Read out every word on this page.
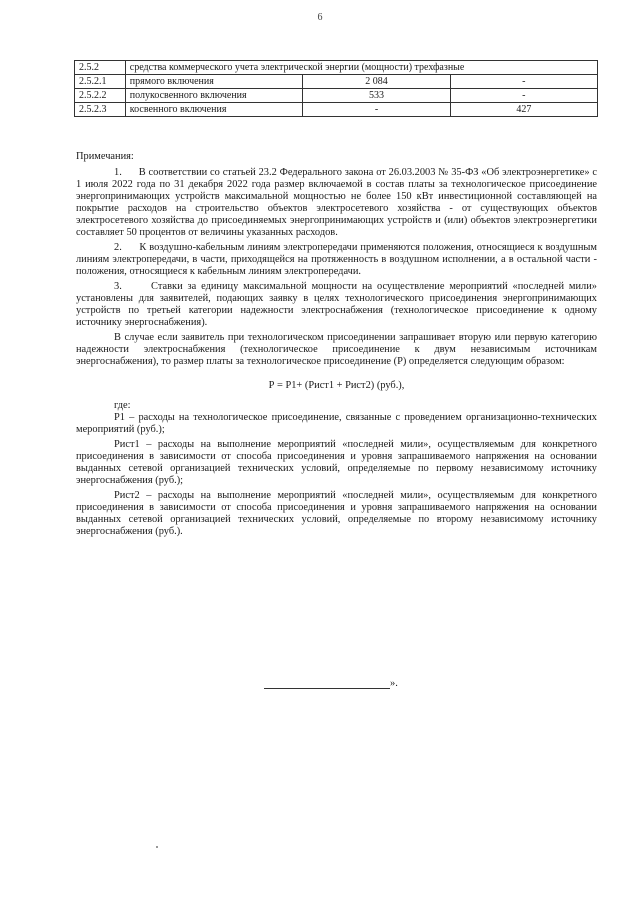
6
2.5.2	средства коммерческого учета электрической энергии (мощности) трехфазные		
2.5.2.1	прямого включения	2 084	-
2.5.2.2	полукосвенного включения	533	-
2.5.2.3	косвенного включения	-	427

Примечания:

1.      В соответствии со статьей 23.2 Федерального закона от 26.03.2003 № 35-ФЗ «Об электроэнергетике» с 1 июля 2022 года по 31 декабря 2022 года размер включаемой в состав платы за технологическое присоединение энергопринимающих устройств максимальной мощностью не более 150 кВт инвестиционной составляющей на покрытие расходов на строительство объектов электросетевого хозяйства - от существующих объектов электросетевого хозяйства до присоединяемых энергопринимающих устройств и (или) объектов электроэнергетики составляет 50 процентов от величины указанных расходов.

2.      К воздушно-кабельным линиям электропередачи применяются положения, относящиеся к воздушным линиям электропередачи, в части, приходящейся на протяженность в воздушном исполнении, а в остальной части - положения, относящиеся к кабельным линиям электропередачи.

3.      Ставки за единицу максимальной мощности на осуществление мероприятий «последней мили» установлены для заявителей, подающих заявку в целях технологического присоединения энергопринимающих устройств по третьей категории надежности электроснабжения (технологическое присоединение к одному источнику энергоснабжения).

В случае если заявитель при технологическом присоединении запрашивает вторую или первую категорию надежности электроснабжения (технологическое присоединение к двум независимым источникам энергоснабжения), то размер платы за технологическое присоединение (Р) определяется следующим образом:

Р = Р1+ (Рист1 + Рист2) (руб.),

где:

Р1 – расходы на технологическое присоединение, связанные с проведением организационно-технических мероприятий (руб.);

Рист1 – расходы на выполнение мероприятий «последней мили», осуществляемым для конкретного присоединения в зависимости от способа присоединения и уровня запрашиваемого напряжения на основании выданных сетевой организацией технических условий, определяемые по первому независимому источнику энергоснабжения (руб.);

Рист2 – расходы на выполнение мероприятий «последней мили», осуществляемым для конкретного присоединения в зависимости от способа присоединения и уровня запрашиваемого напряжения на основании выданных сетевой организацией технических условий, определяемые по второму независимому источнику энергоснабжения (руб.).

».
